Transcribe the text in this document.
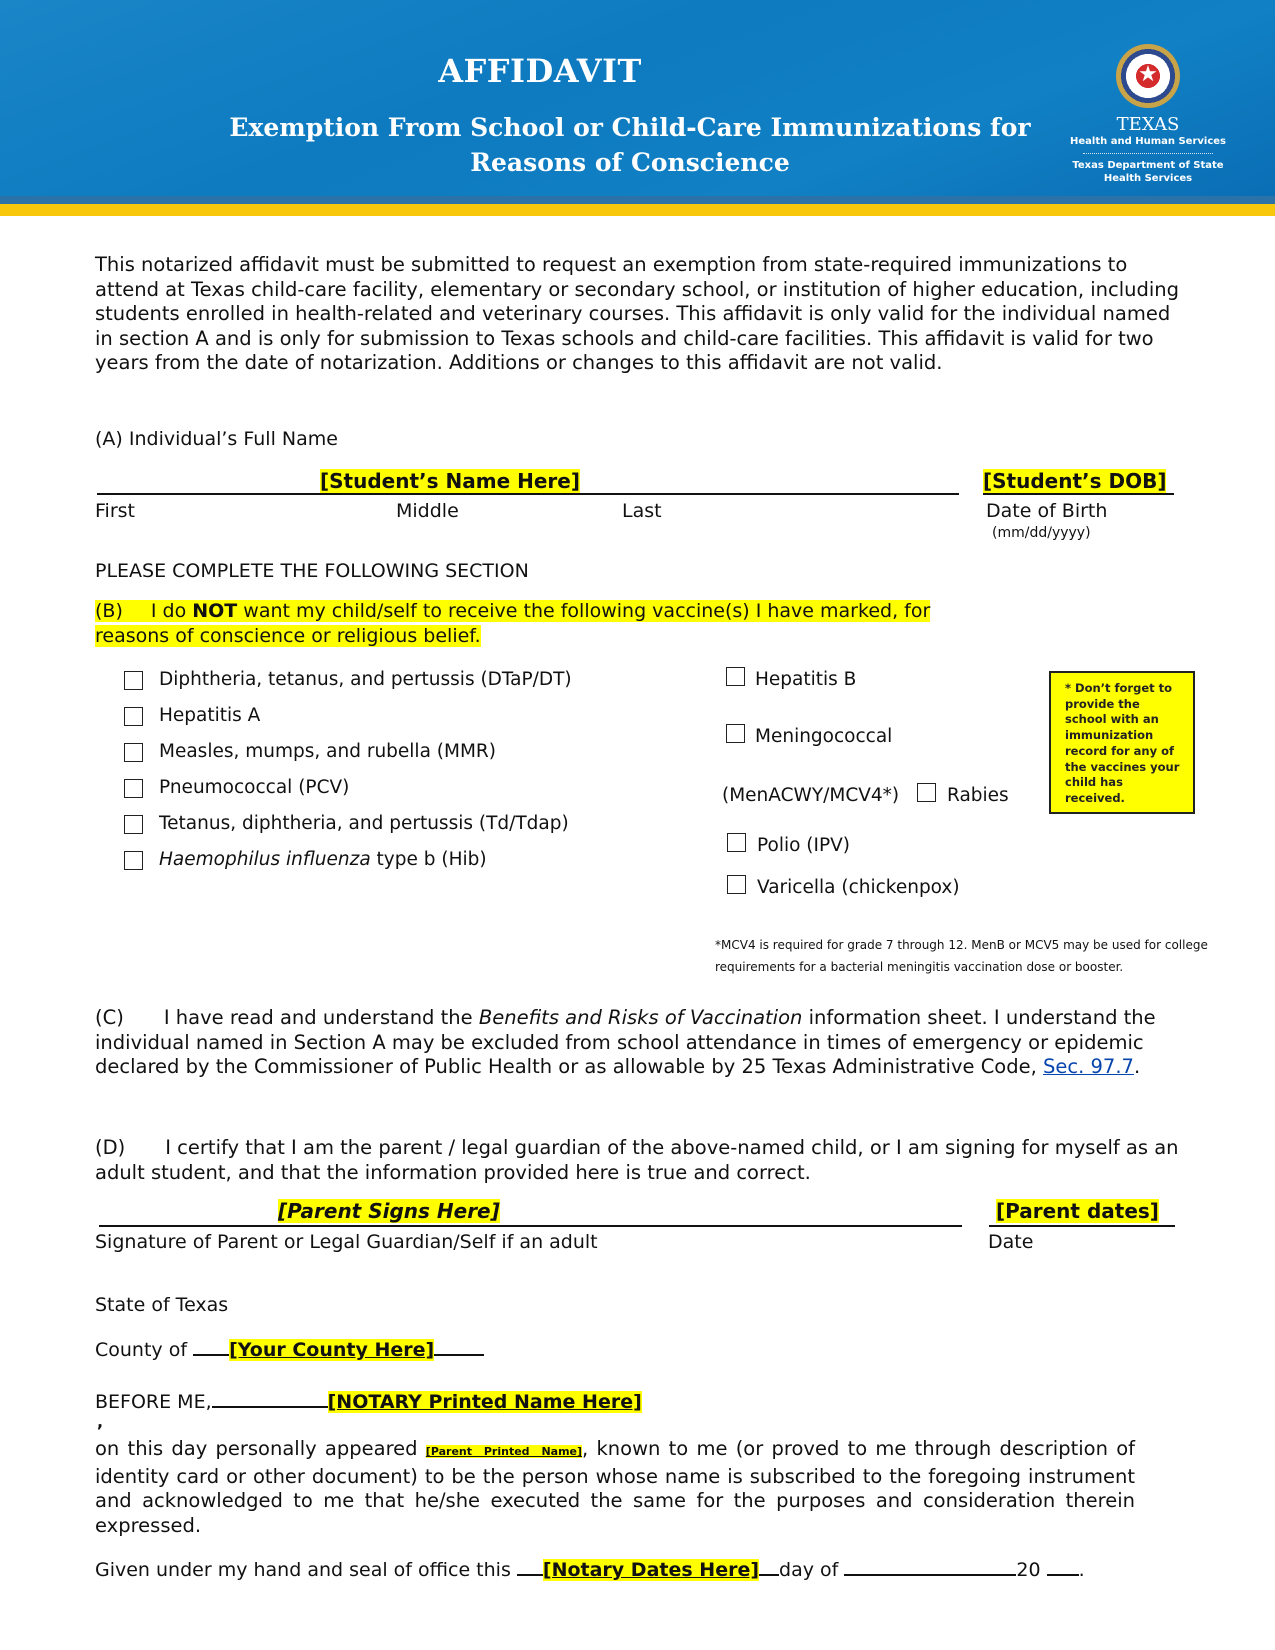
AFFIDAVIT
Exemption From School or Child-Care Immunizations for
Reasons of Conscience
★
TEXAS
Health and Human Services
Texas Department of State
Health Services
This notarized affidavit must be submitted to request an exemption from state-required immunizations to attend at Texas child-care facility, elementary or secondary school, or institution of higher education, including students enrolled in health-related and veterinary courses. This affidavit is only valid for the individual named in section A and is only for submission to Texas schools and child-care facilities. This affidavit is valid for two years from the date of notarization. Additions or changes to this affidavit are not valid.
(A) Individual’s Full Name
[Student’s Name Here]	[Student’s DOB]
First	Middle	Last	Date of Birth
(mm/dd/yyyy)
PLEASE COMPLETE THE FOLLOWING SECTION
(B) I do NOT want my child/self to receive the following vaccine(s) I have marked, for
reasons of conscience or religious belief.
Diphtheria, tetanus, and pertussis (DTaP/DT)
Hepatitis A
Measles, mumps, and rubella (MMR)
Pneumococcal (PCV)
Tetanus, diphtheria, and pertussis (Td/Tdap)
Haemophilus influenza type b (Hib)
Hepatitis B
Meningococcal
(MenACWY/MCV4*)	Rabies
Polio (IPV)
Varicella (chickenpox)
* Don’t forget to provide the school with an immunization record for any of the vaccines your child has received.
*MCV4 is required for grade 7 through 12. MenB or MCV5 may be used for college
requirements for a bacterial meningitis vaccination dose or booster.
(C) I have read and understand the Benefits and Risks of Vaccination information sheet. I understand the individual named in Section A may be excluded from school attendance in times of emergency or epidemic declared by the Commissioner of Public Health or as allowable by 25 Texas Administrative Code, Sec. 97.7.
(D) I certify that I am the parent / legal guardian of the above-named child, or I am signing for myself as an adult student, and that the information provided here is true and correct.
[Parent Signs Here]	[Parent dates]
Signature of Parent or Legal Guardian/Self if an adult	Date
State of Texas
County of [Your County Here]
BEFORE ME,	[NOTARY Printed Name Here]
,
on this day personally appeared [Parent Printed Name], known to me (or proved to me through description of identity card or other document) to be the person whose name is subscribed to the foregoing instrument and acknowledged to me that he/she executed the same for the purposes and consideration therein expressed.
Given under my hand and seal of office this [Notary Dates Here] day of	20 .
